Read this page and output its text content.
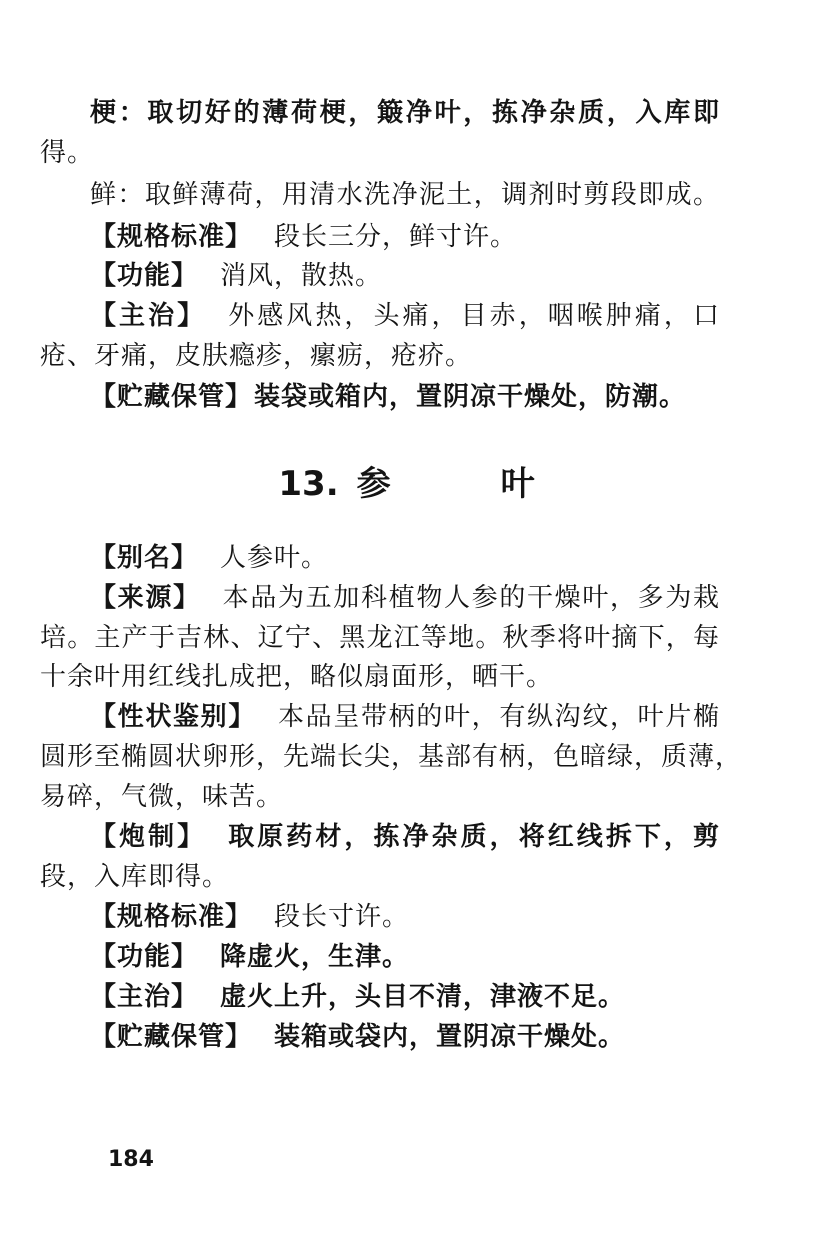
梗：取切好的薄荷梗，簸净叶，拣净杂质，入库即
得。
鲜：取鲜薄荷，用清水洗净泥土，调剂时剪段即成。
【规格标准】 段长三分，鲜寸许。
【功能】 消风，散热。
【主治】 外感风热，头痛，目赤，咽喉肿痛，口
疮、牙痛，皮肤瘾疹，瘰疬，疮疥。
【贮藏保管】装袋或箱内，置阴凉干燥处，防潮。
13. 参	叶
【别名】 人参叶。
【来源】 本品为五加科植物人参的干燥叶，多为栽
培。主产于吉林、辽宁、黑龙江等地。秋季将叶摘下，每
十余叶用红线扎成把，略似扇面形，晒干。
【性状鉴别】 本品呈带柄的叶，有纵沟纹，叶片椭
圆形至椭圆状卵形，先端长尖，基部有柄，色暗绿，质薄，
易碎，气微，味苦。
【炮制】 取原药材，拣净杂质，将红线拆下，剪
段，入库即得。
【规格标准】 段长寸许。
【功能】 降虚火，生津。
【主治】 虚火上升，头目不清，津液不足。
【贮藏保管】 装箱或袋内，置阴凉干燥处。
184
